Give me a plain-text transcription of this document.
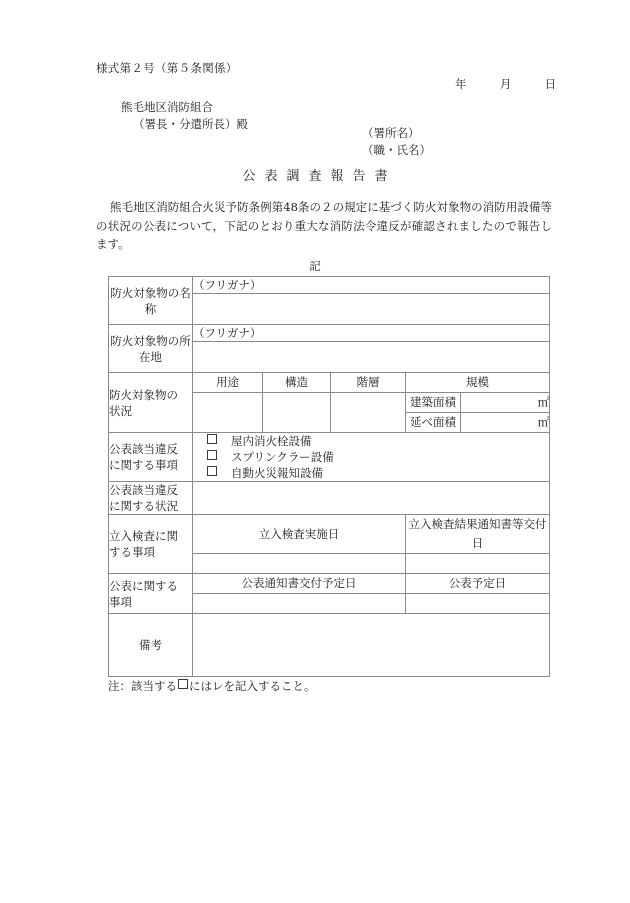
様式第２号（第５条関係）
年	月	日
熊毛地区消防組合
（署長・分遣所長）殿
（署所名）
（職・氏名）
公表調査報告書
熊毛地区消防組合火災予防条例第48条の２の規定に基づく防火対象物の消防用設備等の状況の公表について，下記のとおり重大な消防法令違反が確認されましたので報告します。
記
防火対象物の名称	（フリガナ）				

防火対象物の所在地	（フリガナ）				

防火対象物の
状況	用途	構造	階層	規模	
				建築面積	㎡
				延べ面積	㎡
公表該当違反
に関する事項	屋内消火栓設備
スプリンクラー設備
自動火災報知設備				

公表該当違反
に関する状況					
立入検査に関
する事項	立入検査実施日			立入検査結果通知書等交付日	

公表に関する
事項	公表通知書交付予定日			公表予定日	

備考					
注：該当する にはレを記入すること。
